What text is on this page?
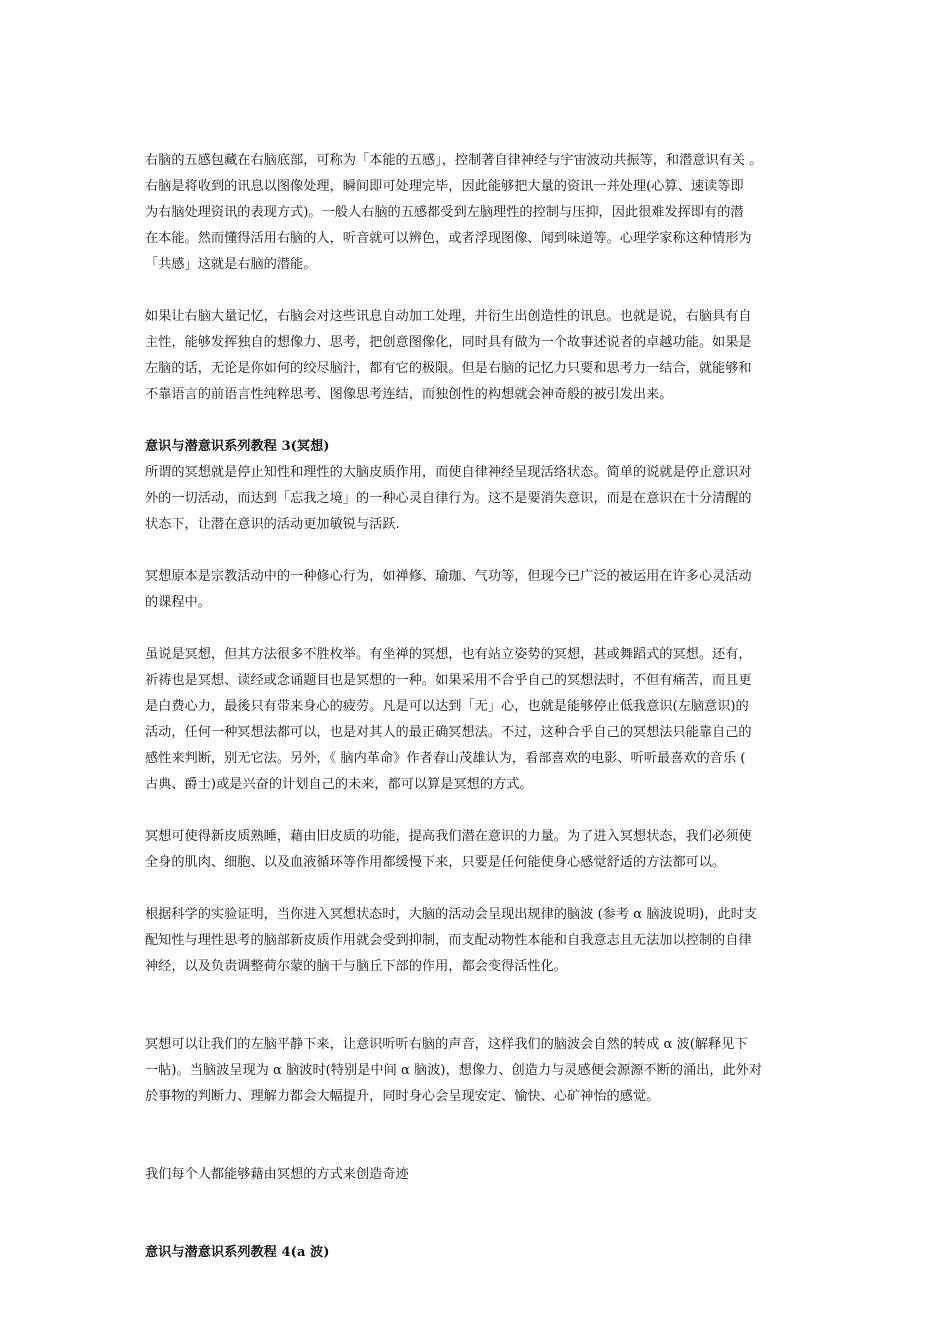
右脑的五感包藏在右脑底部，可称为「本能的五感」，控制著自律神经与宇宙波动共振等，和潜意识有关 。
右脑是将收到的讯息以图像处理，瞬间即可处理完毕，因此能够把大量的资讯一并处理(心算、速读等即
为右脑处理资讯的表现方式)。一般人右脑的五感都受到左脑理性的控制与压抑，因此很难发挥即有的潜
在本能。然而懂得活用右脑的人，听音就可以辨色，或者浮现图像、闻到味道等。心理学家称这种情形为
「共感」这就是右脑的潜能。

如果让右脑大量记忆，右脑会对这些讯息自动加工处理，并衍生出创造性的讯息。也就是说，右脑具有自
主性，能够发挥独自的想像力、思考，把创意图像化，同时具有做为一个故事述说者的卓越功能。如果是
左脑的话，无论是你如何的绞尽脑汁，都有它的极限。但是右脑的记忆力只要和思考力一结合，就能够和
不靠语言的前语言性纯粹思考、图像思考连结，而独创性的构想就会神奇般的被引发出来。

意识与潜意识系列教程 3(冥想)

所谓的冥想就是停止知性和理性的大脑皮质作用，而使自律神经呈现活络状态。简单的说就是停止意识对
外的一切活动，而达到「忘我之境」的一种心灵自律行为。这不是要消失意识，而是在意识在十分清醒的
状态下，让潜在意识的活动更加敏锐与活跃.

冥想原本是宗教活动中的一种修心行为，如禅修、瑜珈、气功等，但现今已广泛的被运用在许多心灵活动
的课程中。

虽说是冥想，但其方法很多不胜枚举。有坐禅的冥想，也有站立姿势的冥想，甚或舞蹈式的冥想。还有，
祈祷也是冥想、读经或念诵题目也是冥想的一种。如果采用不合乎自己的冥想法时，不但有痛苦，而且更
是白费心力，最後只有带来身心的疲劳。凡是可以达到「无」心，也就是能够停止低我意识(左脑意识)的
活动，任何一种冥想法都可以，也是对其人的最正确冥想法。不过，这种合乎自己的冥想法只能靠自己的
感性来判断，别无它法。另外，《 脑内革命》作者春山茂雄认为，看部喜欢的电影、听听最喜欢的音乐 (
古典、爵士)或是兴奋的计划自己的未来，都可以算是冥想的方式。

冥想可使得新皮质熟睡，藉由旧皮质的功能，提高我们潜在意识的力量。为了进入冥想状态，我们必须使
全身的肌肉、细胞、以及血液循环等作用都缓慢下来，只要是任何能使身心感觉舒适的方法都可以。

根据科学的实验证明，当你进入冥想状态时，大脑的活动会呈现出规律的脑波 (参考 α 脑波说明)，此时支
配知性与理性思考的脑部新皮质作用就会受到抑制，而支配动物性本能和自我意志且无法加以控制的自律
神经，以及负责调整荷尔蒙的脑干与脑丘下部的作用，都会变得活性化。

冥想可以让我们的左脑平静下来，让意识听听右脑的声音，这样我们的脑波会自然的转成 α 波(解释见下
一帖)。当脑波呈现为 α 脑波时(特别是中间 α 脑波)，想像力、创造力与灵感便会源源不断的涌出，此外对
於事物的判断力、理解力都会大幅提升，同时身心会呈现安定、愉快、心矿神怡的感觉。

我们每个人都能够藉由冥想的方式来创造奇迹

意识与潜意识系列教程 4(a 波)
